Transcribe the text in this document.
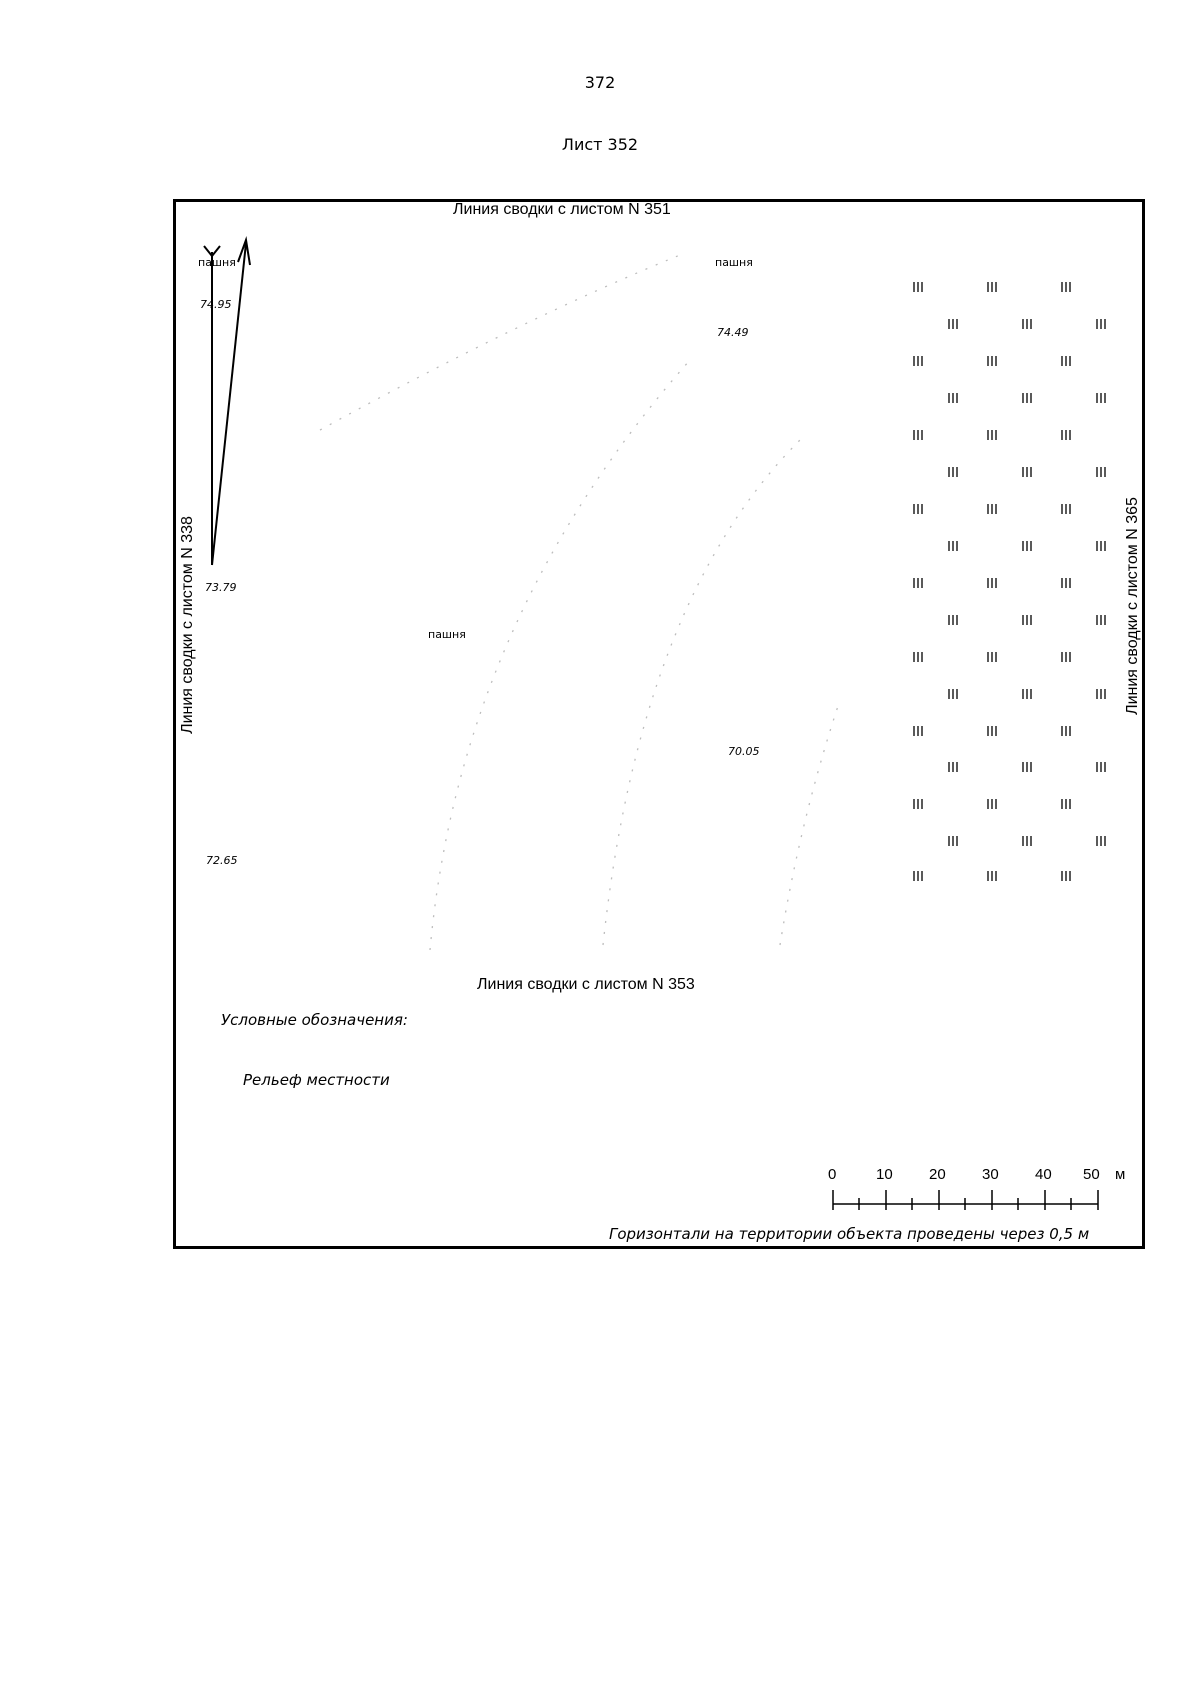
372
Лист 352
пашня	пашня
пашня
74.95
74.49
73.79
72.65
70.05
Линия сводки с листом N 351
Линия сводки с листом N 353
Линия сводки с листом N 338	Линия сводки с листом N 365
Условные обозначения:
Рельеф местности
0	10 20 30 40 50 м
Горизонтали на территории объекта проведены через 0,5 м
